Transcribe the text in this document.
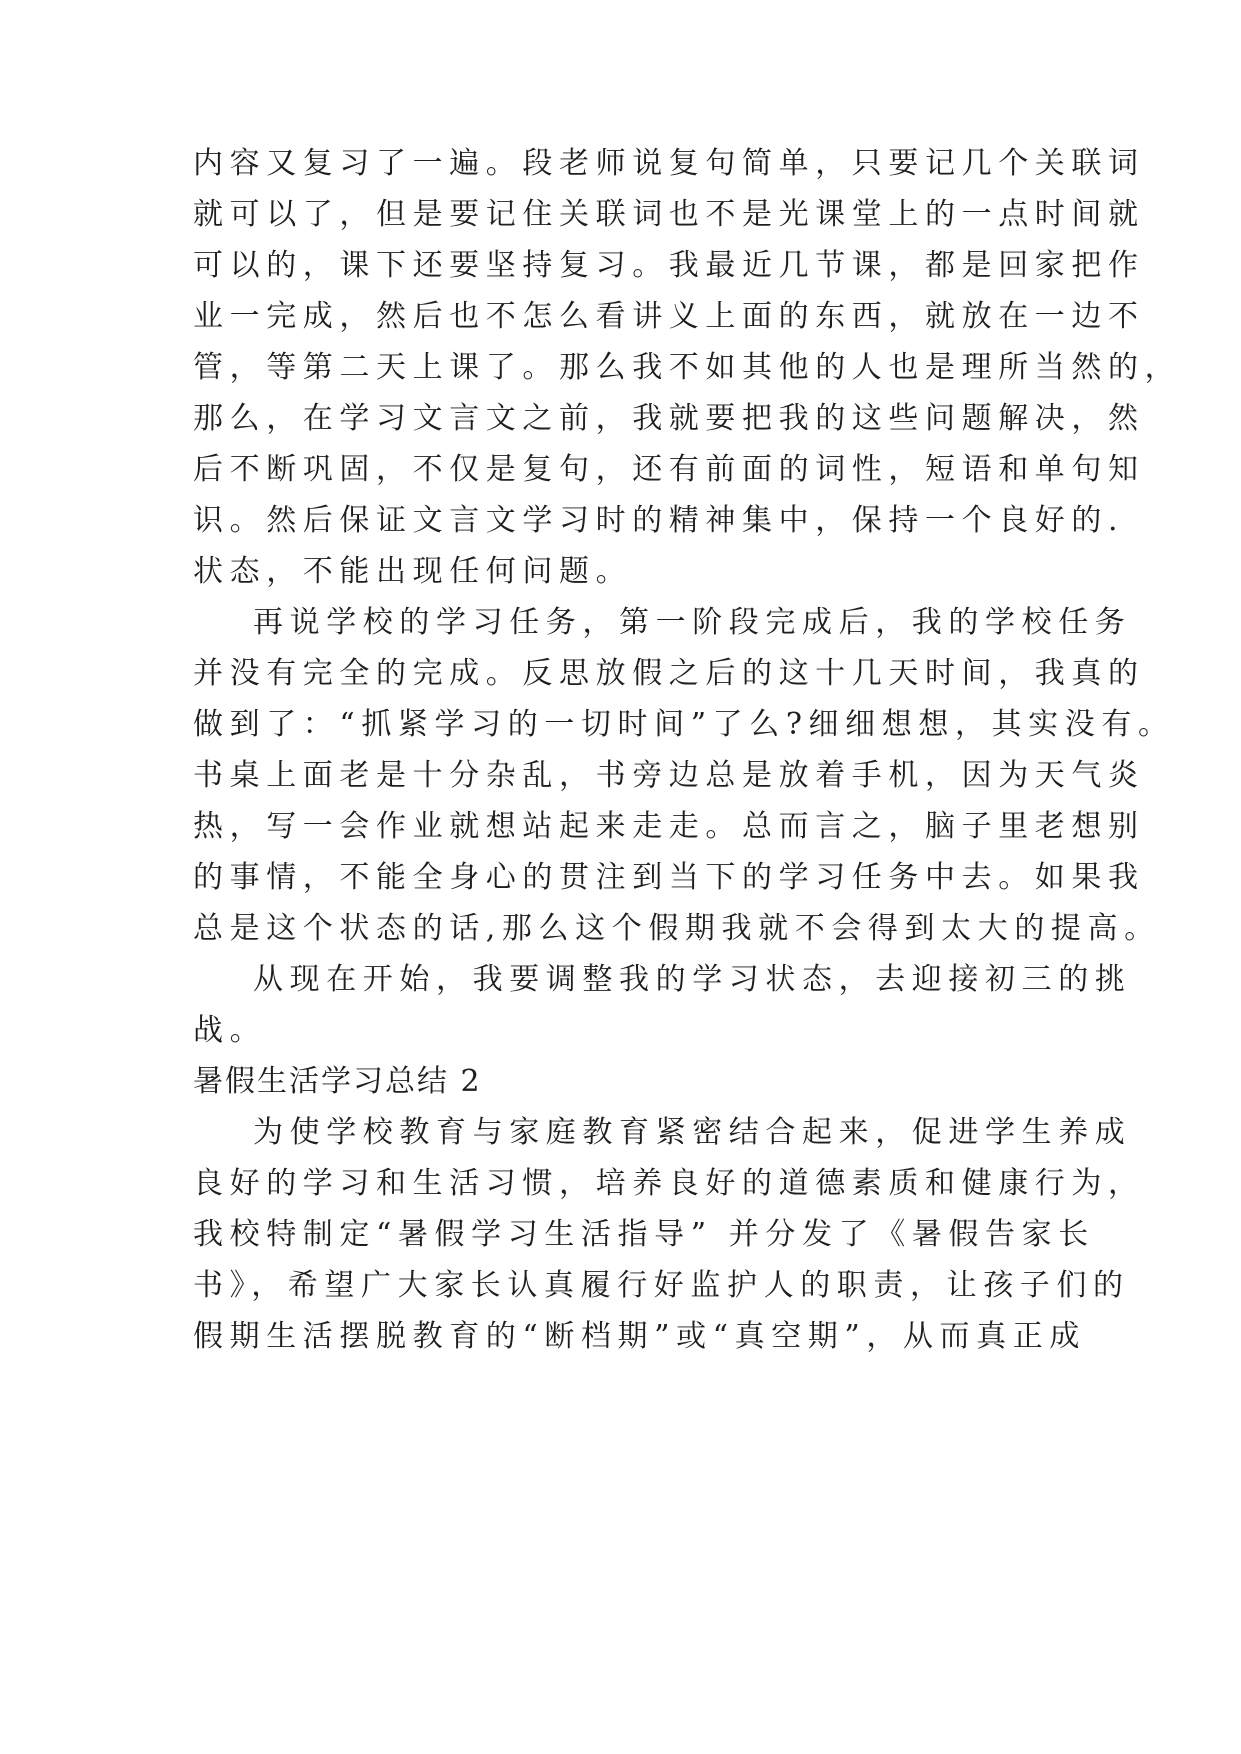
内容又复习了一遍。段老师说复句简单，只要记几个关联词
就可以了，但是要记住关联词也不是光课堂上的一点时间就
可以的，课下还要坚持复习。我最近几节课，都是回家把作
业一完成，然后也不怎么看讲义上面的东西，就放在一边不
管，等第二天上课了。那么我不如其他的人也是理所当然的，
那么，在学习文言文之前，我就要把我的这些问题解决，然
后不断巩固，不仅是复句，还有前面的词性，短语和单句知
识。然后保证文言文学习时的精神集中，保持一个良好的.
状态，不能出现任何问题。
再说学校的学习任务，第一阶段完成后，我的学校任务
并没有完全的完成。反思放假之后的这十几天时间，我真的
做到了：“抓紧学习的一切时间”了么?细细想想，其实没有。
书桌上面老是十分杂乱，书旁边总是放着手机，因为天气炎
热，写一会作业就想站起来走走。总而言之，脑子里老想别
的事情，不能全身心的贯注到当下的学习任务中去。如果我
总是这个状态的话,那么这个假期我就不会得到太大的提高。
从现在开始，我要调整我的学习状态，去迎接初三的挑
战。
暑假生活学习总结 2
为使学校教育与家庭教育紧密结合起来，促进学生养成
良好的学习和生活习惯，培养良好的道德素质和健康行为，
我校特制定“暑假学习生活指导” 并分发了《暑假告家长
书》，希望广大家长认真履行好监护人的职责，让孩子们的
假期生活摆脱教育的“断档期”或“真空期”，从而真正成
